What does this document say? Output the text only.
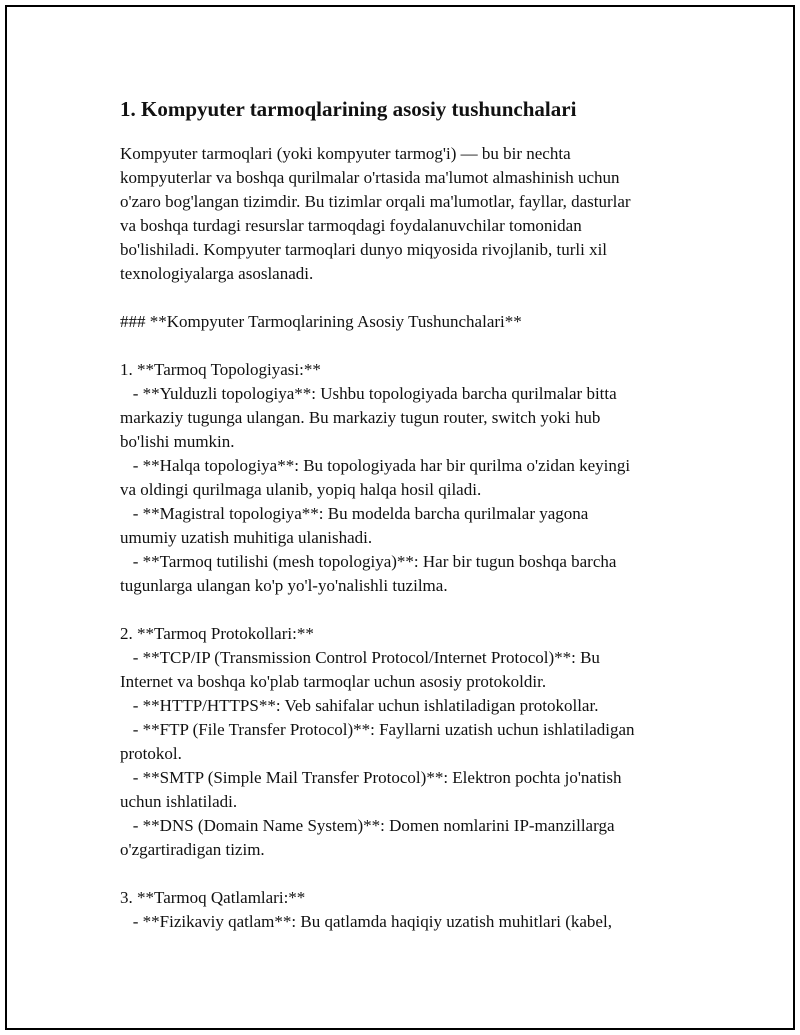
1. Kompyuter tarmoqlarining asosiy tushunchalari
Kompyuter tarmoqlari (yoki kompyuter tarmog'i) — bu bir nechta
kompyuterlar va boshqa qurilmalar o'rtasida ma'lumot almashinish uchun
o'zaro bog'langan tizimdir. Bu tizimlar orqali ma'lumotlar, fayllar, dasturlar
va boshqa turdagi resurslar tarmoqdagi foydalanuvchilar tomonidan
bo'lishiladi. Kompyuter tarmoqlari dunyo miqyosida rivojlanib, turli xil
texnologiyalarga asoslanadi.
### **Kompyuter Tarmoqlarining Asosiy Tushunchalari**
1. **Tarmoq Topologiyasi:**
- **Yulduzli topologiya**: Ushbu topologiyada barcha qurilmalar bitta
markaziy tugunga ulangan. Bu markaziy tugun router, switch yoki hub
bo'lishi mumkin.
- **Halqa topologiya**: Bu topologiyada har bir qurilma o'zidan keyingi
va oldingi qurilmaga ulanib, yopiq halqa hosil qiladi.
- **Magistral topologiya**: Bu modelda barcha qurilmalar yagona
umumiy uzatish muhitiga ulanishadi.
- **Tarmoq tutilishi (mesh topologiya)**: Har bir tugun boshqa barcha
tugunlarga ulangan ko'p yo'l-yo'nalishli tuzilma.
2. **Tarmoq Protokollari:**
- **TCP/IP (Transmission Control Protocol/Internet Protocol)**: Bu
Internet va boshqa ko'plab tarmoqlar uchun asosiy protokoldir.
- **HTTP/HTTPS**: Veb sahifalar uchun ishlatiladigan protokollar.
- **FTP (File Transfer Protocol)**: Fayllarni uzatish uchun ishlatiladigan
protokol.
- **SMTP (Simple Mail Transfer Protocol)**: Elektron pochta jo'natish
uchun ishlatiladi.
- **DNS (Domain Name System)**: Domen nomlarini IP-manzillarga
o'zgartiradigan tizim.
3. **Tarmoq Qatlamlari:**
- **Fizikaviy qatlam**: Bu qatlamda haqiqiy uzatish muhitlari (kabel,
